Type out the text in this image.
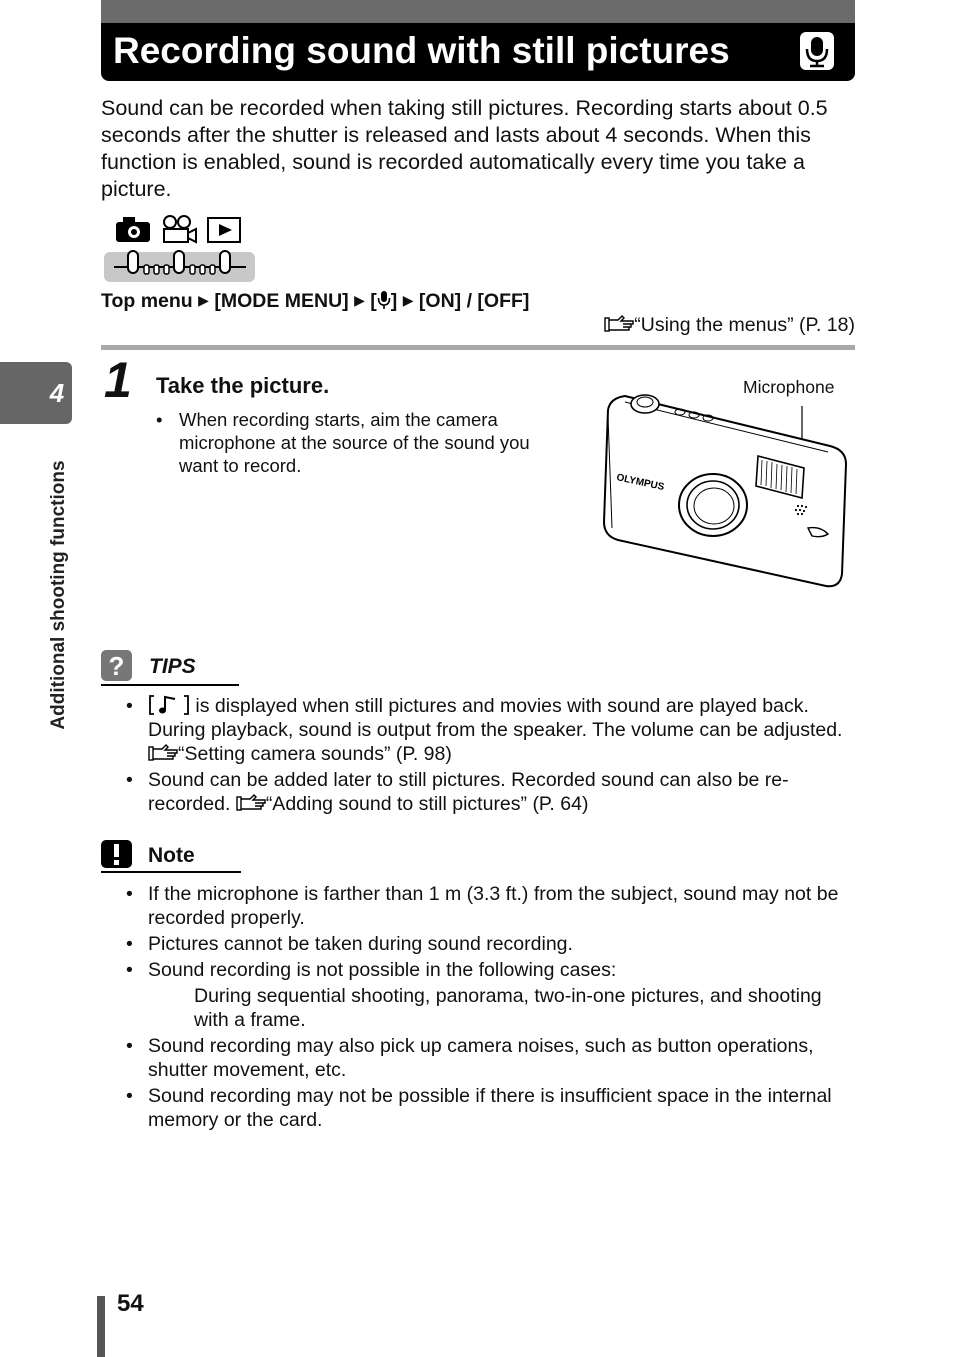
Recording sound with still pictures
Sound can be recorded when taking still pictures. Recording starts about 0.5 seconds after the shutter is released and lasts about 4 seconds. When this function is enabled, sound is recorded automatically every time you take a picture.
Top menu ▶ [MODE MENU] ▶ [ ] ▶ [ON] / [OFF]
“Using the menus” (P. 18)
1 Take the picture.
• When recording starts, aim the camera microphone at the source of the sound you want to record.
Microphone
OLYMPUS
4
Additional shooting functions ? TIPS
• is displayed when still pictures and movies with sound are played back. During playback, sound is output from the speaker. The volume can be adjusted. “Setting camera sounds” (P. 98)
• Sound can be added later to still pictures. Recorded sound can also be re-recorded. “Adding sound to still pictures” (P. 64)
Note
• If the microphone is farther than 1 m (3.3 ft.) from the subject, sound may not be recorded properly.
• Pictures cannot be taken during sound recording.
• Sound recording is not possible in the following cases:
During sequential shooting, panorama, two-in-one pictures, and shooting with a frame.
• Sound recording may also pick up camera noises, such as button operations, shutter movement, etc.
• Sound recording may not be possible if there is insufficient space in the internal memory or the card.
54
